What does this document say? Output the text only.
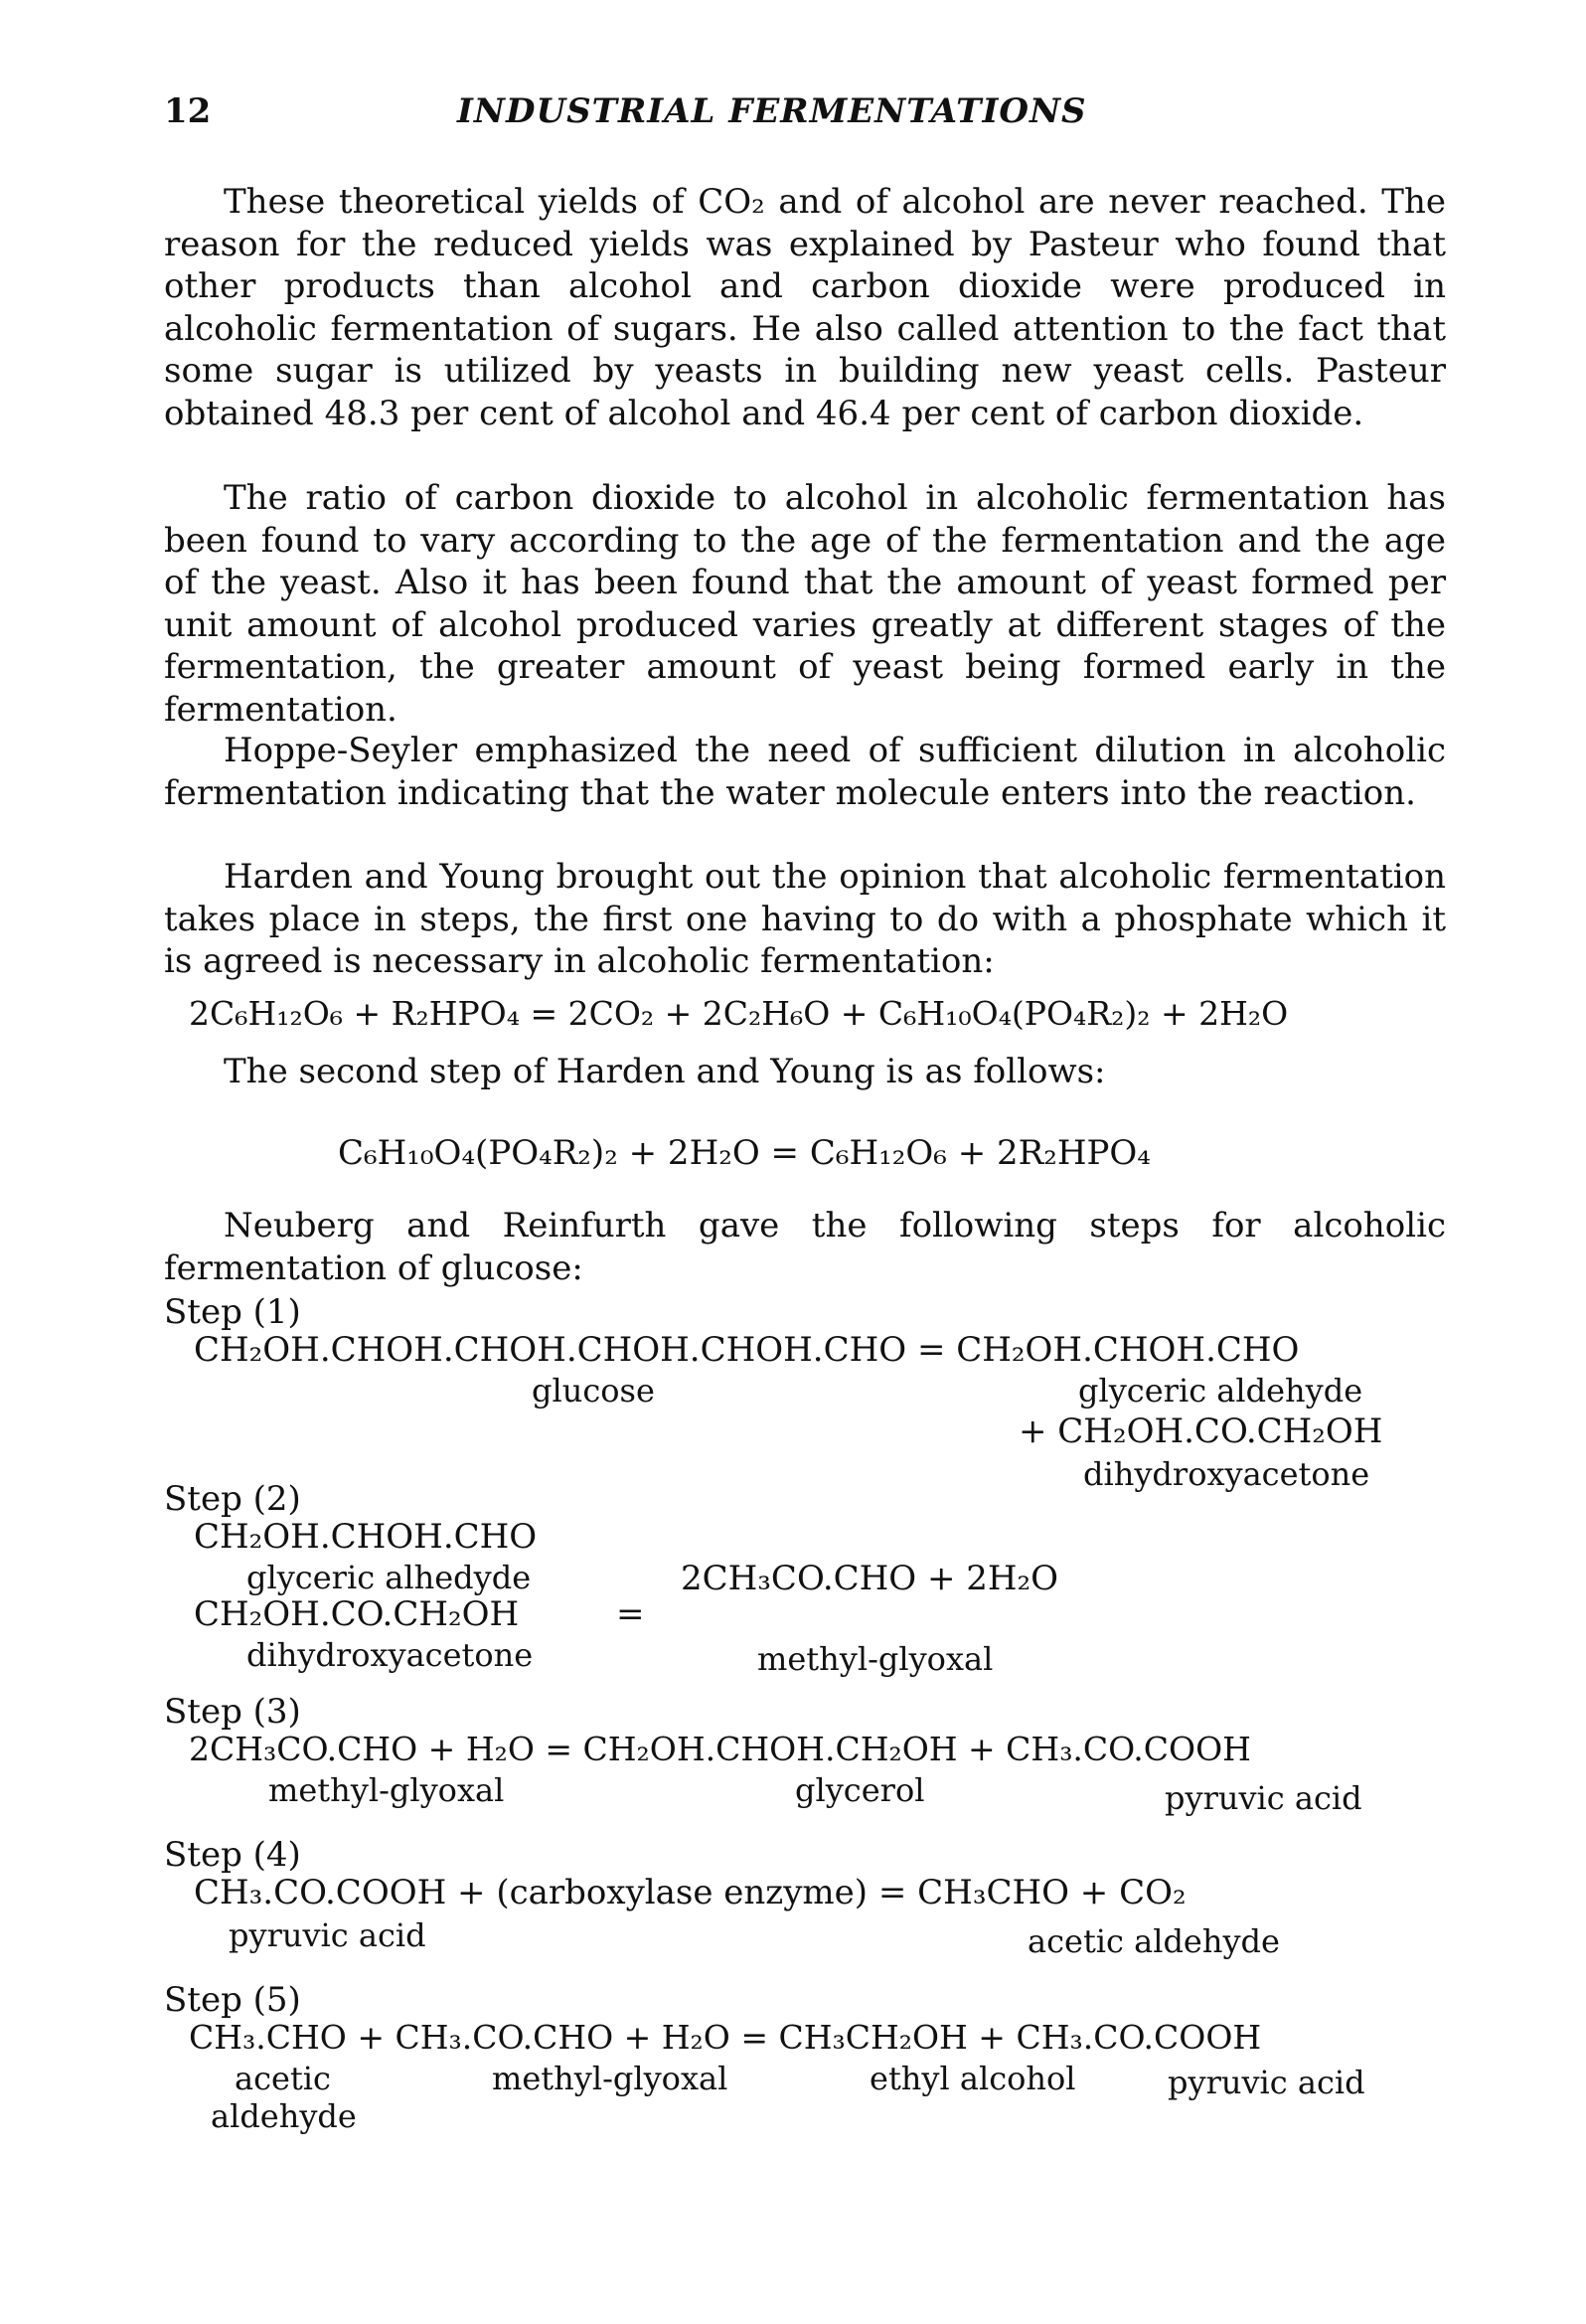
12	INDUSTRIAL FERMENTATIONS

These theoretical yields of CO₂ and of alcohol are never reached. The reason for the reduced yields was explained by Pasteur who found that other products than alcohol and carbon dioxide were produced in alcoholic fermentation of sugars. He also called attention to the fact that some sugar is utilized by yeasts in building new yeast cells. Pasteur obtained 48.3 per cent of alcohol and 46.4 per cent of carbon dioxide.

The ratio of carbon dioxide to alcohol in alcoholic fermentation has been found to vary according to the age of the fermentation and the age of the yeast. Also it has been found that the amount of yeast formed per unit amount of alcohol produced varies greatly at different stages of the fermentation, the greater amount of yeast being formed early in the fermentation.

Hoppe-Seyler emphasized the need of sufficient dilution in alcoholic fermentation indicating that the water molecule enters into the reaction.

Harden and Young brought out the opinion that alcoholic fermentation takes place in steps, the first one having to do with a phosphate which it is agreed is necessary in alcoholic fermentation:

2C₆H₁₂O₆ + R₂HPO₄ = 2CO₂ + 2C₂H₆O + C₆H₁₀O₄(PO₄R₂)₂ + 2H₂O
The second step of Harden and Young is as follows:
C₆H₁₀O₄(PO₄R₂)₂ + 2H₂O = C₆H₁₂O₆ + 2R₂HPO₄

Neuberg and Reinfurth gave the following steps for alcoholic fermentation of glucose:

Step (1)
CH₂OH.CHOH.CHOH.CHOH.CHOH.CHO = CH₂OH.CHOH.CHO
glucose	glyceric aldehyde
+ CH₂OH.CO.CH₂OH
dihydroxyacetone
Step (2)
CH₂OH.CHOH.CHO
glyceric alhedyde	2CH₃CO.CHO + 2H₂O
CH₂OH.CO.CH₂OH	=
dihydroxyacetone	methyl-glyoxal
Step (3)
2CH₃CO.CHO + H₂O = CH₂OH.CHOH.CH₂OH + CH₃.CO.COOH
methyl-glyoxal	glycerol	pyruvic acid
Step (4)
CH₃.CO.COOH + (carboxylase enzyme) = CH₃CHO + CO₂
pyruvic acid	acetic aldehyde
Step (5)
CH₃.CHO + CH₃.CO.CHO + H₂O = CH₃CH₂OH + CH₃.CO.COOH
acetic
aldehyde
methyl-glyoxal	ethyl alcohol	pyruvic acid
